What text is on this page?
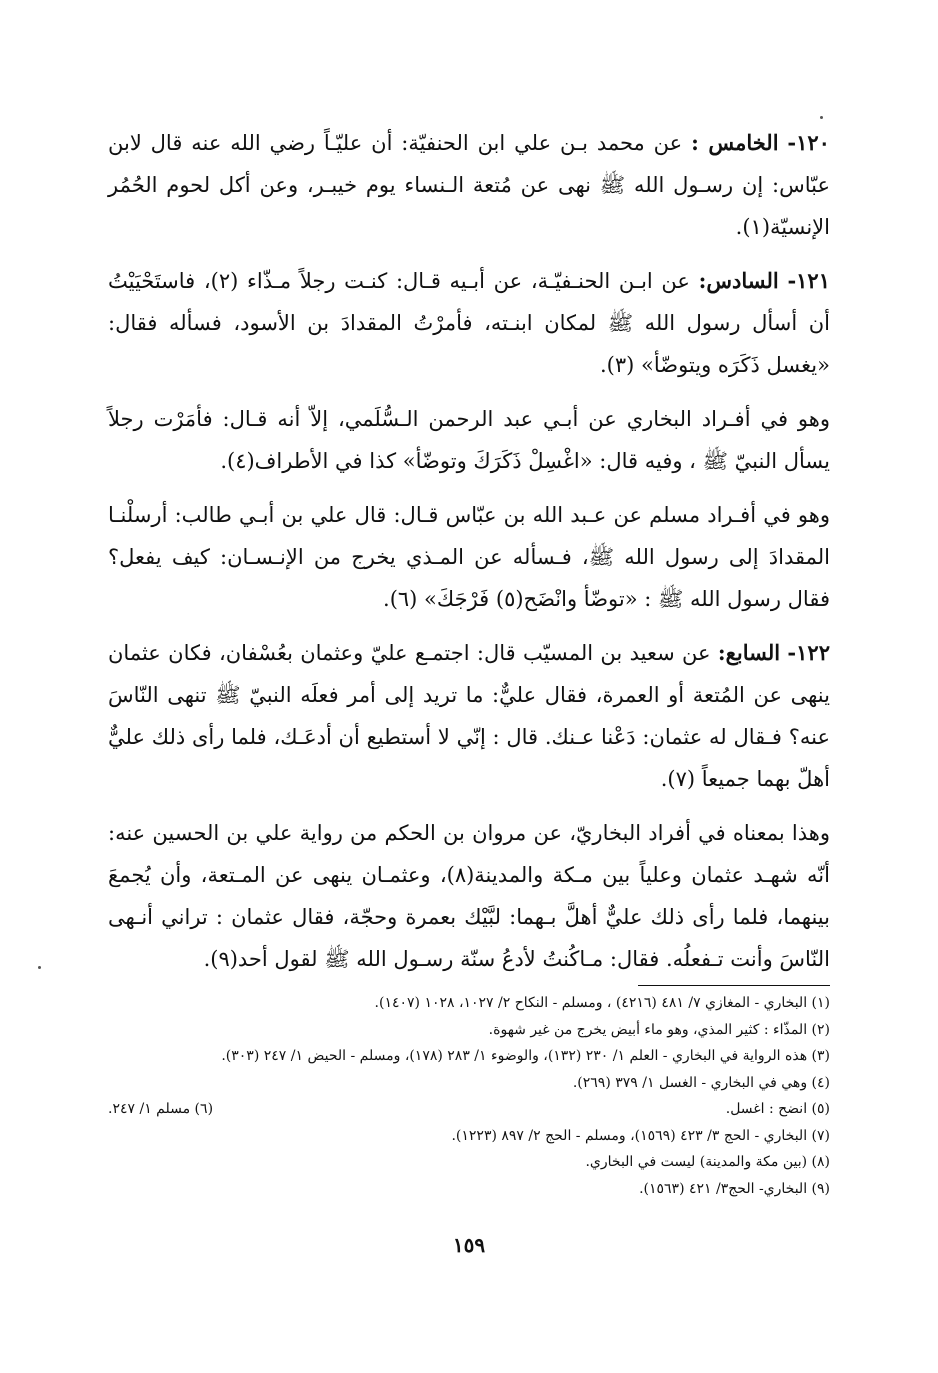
١٢٠- الخامس : عن محمد بـن علي ابن الحنفيّة: أن عليّـاً رضي الله عنه قال لابن عبّاس: إن رسـول الله ﷺ نهى عن مُتعة الـنساء يوم خيبـر، وعن أكل لحوم الحُمُر الإنسيّة(١).

١٢١- السادس: عن ابـن الحنـفيّـة، عن أبـيه قـال: كنـت رجلاً مـذّاء (٢)، فاستَحْيَيْتُ أن أسأل رسول الله ﷺ لمكان ابنـته، فأمرْتُ المقدادَ بن الأسود، فسأله فقال: «يغسل ذَكَرَه ويتوضّأ» (٣).

وهو في أفـراد البخاري عن أبـي عبد الرحمن الـسُّلَمي، إلاّ أنه قـال: فأمَرْت رجلاً يسأل النبيّ ﷺ ، وفيه قال: «اغْسِلْ ذَكَرَكَ وتوضّأ» كذا في الأطراف(٤).

وهو في أفـراد مسلم عن عـبد الله بن عبّاس قـال: قال علي بن أبـي طالب: أرسلْنـا المقدادَ إلى رسول الله ﷺ، فـسأله عن المـذي يخرج من الإنـسـان: كيف يفعل؟ فقال رسول الله ﷺ : «توضّأ وانْضَح(٥) فَرْجَكَ» (٦).

١٢٢- السابع: عن سعيد بن المسيّب قال: اجتمـع عليّ وعثمان بعُسْفان، فكان عثمان ينهى عن المُتعة أو العمرة، فقال عليٌّ: ما تريد إلى أمر فعلَه النبيّ ﷺ تنهى النّاسَ عنه؟ فـقال له عثمان: دَعْنا عـنك. قال : إنّي لا أستطيع أن أدعَـك، فلما رأى ذلك عليٌّ أهلّ بهما جميعاً (٧).

وهذا بمعناه في أفراد البخاريّ، عن مروان بن الحكم من رواية علي بن الحسين عنه: أنّه شهـد عثمان وعلياً بين مـكة والمدينة(٨)، وعثمـان ينهى عن المـتعة، وأن يُجمعَ بينهما، فلما رأى ذلك عليٌّ أهلَّ بـهما: لبَّيْك بعمرة وحجّة، فقال عثمان : تراني أنـهى النّاسَ وأنت تـفعلُه. فقال: مـاكُنتُ لأدعُ سنّة رسـول الله ﷺ لقول أحد(٩).

(١) البخاري - المغازي ٧/ ٤٨١ (٤٢١٦) ، ومسلم - النكاح ٢/ ١٠٢٧، ١٠٢٨ (١٤٠٧).
(٢) المذّاء : كثير المذي، وهو ماء أبيض يخرج من غير شهوة.
(٣) هذه الرواية في البخاري - العلم ١/ ٢٣٠ (١٣٢)، والوضوء ١/ ٢٨٣ (١٧٨)، ومسلم - الحيض ١/ ٢٤٧ (٣٠٣).
(٤) وهي في البخاري - الغسل ١/ ٣٧٩ (٢٦٩).
(٥) انضح : اغسل.
(٦) مسلم ١/ ٢٤٧.
(٧) البخاري - الحج ٣/ ٤٢٣ (١٥٦٩)، ومسلم - الحج ٢/ ٨٩٧ (١٢٢٣).
(٨) (بين مكة والمدينة) ليست في البخاري.
(٩) البخاري- الحج٣/ ٤٢١ (١٥٦٣).
١٥٩
